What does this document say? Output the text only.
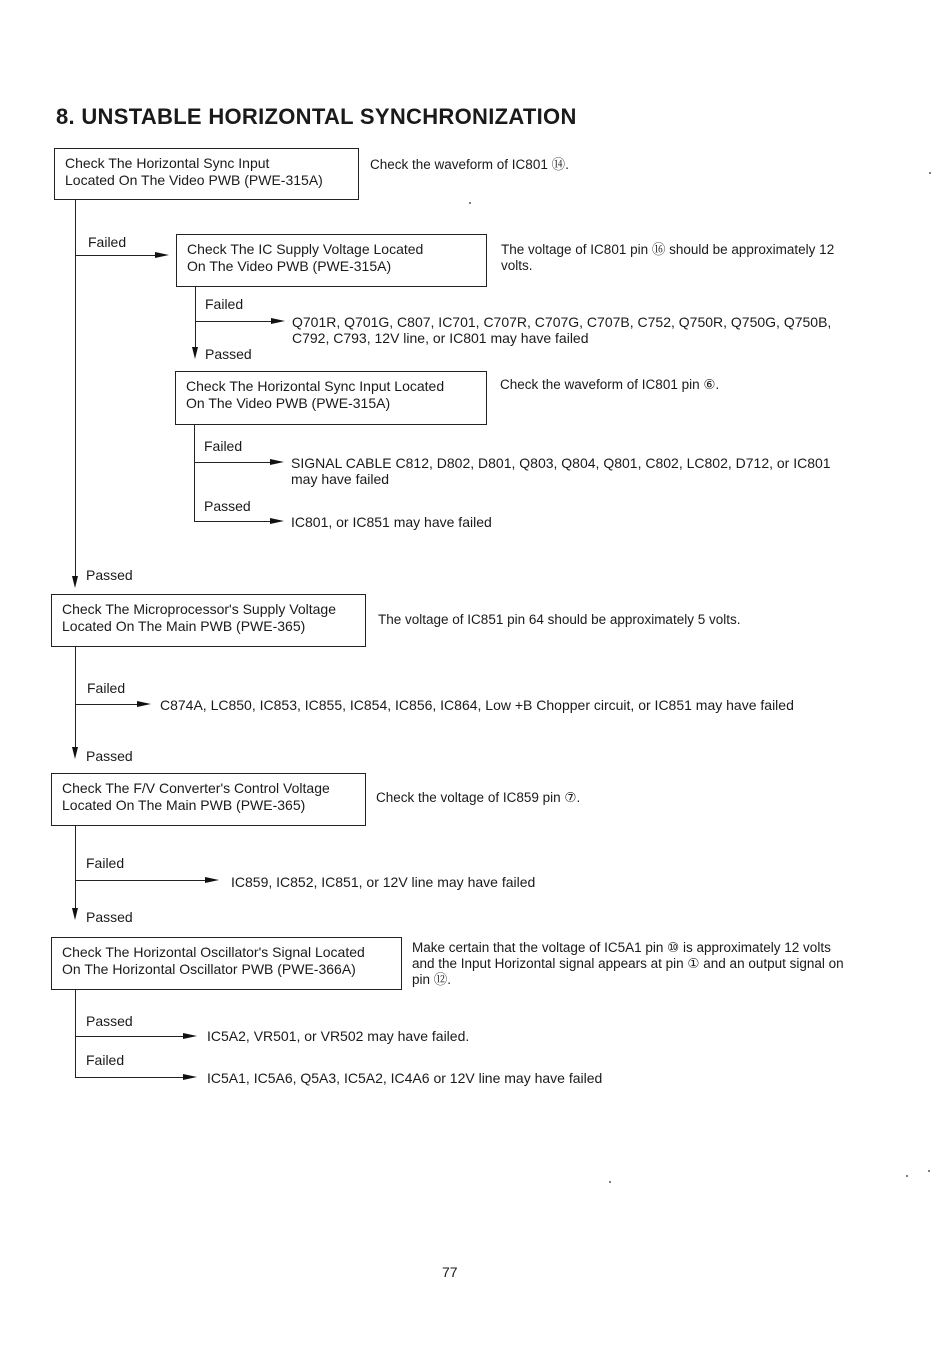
8. UNSTABLE HORIZONTAL SYNCHRONIZATION
Check The Horizontal Sync Input
Located On The Video PWB (PWE-315A)
Check the waveform of IC801 ⑭.
Failed	Check The IC Supply Voltage Located
On The Video PWB (PWE-315A)
The voltage of IC801 pin ⑯ should be approximately 12 volts.
Failed
Q701R, Q701G, C807, IC701, C707R, C707G, C707B, C752, Q750R, Q750G, Q750B, C792, C793, 12V line, or IC801 may have failed
Passed
Check The Horizontal Sync Input Located
On The Video PWB (PWE-315A)
Check the waveform of IC801 pin ⑥.
Failed
SIGNAL CABLE C812, D802, D801, Q803, Q804, Q801, C802, LC802, D712, or IC801 may have failed
Passed
IC801, or IC851 may have failed
Passed
Check The Microprocessor's Supply Voltage
Located On The Main PWB (PWE-365)	The voltage of IC851 pin 64 should be approximately 5 volts.
Failed
C874A, LC850, IC853, IC855, IC854, IC856, IC864, Low +B Chopper circuit, or IC851 may have failed
Passed
Check The F/V Converter's Control Voltage
Located On The Main PWB (PWE-365)	Check the voltage of IC859 pin ⑦.
Failed
IC859, IC852, IC851, or 12V line may have failed
Passed
Check The Horizontal Oscillator's Signal Located
On The Horizontal Oscillator PWB (PWE-366A)
Make certain that the voltage of IC5A1 pin ⑩ is approximately 12 volts and the Input Horizontal signal appears at pin ① and an output signal on pin ⑫.
Passed
IC5A2, VR501, or VR502 may have failed.
Failed
IC5A1, IC5A6, Q5A3, IC5A2, IC4A6 or 12V line may have failed
77
